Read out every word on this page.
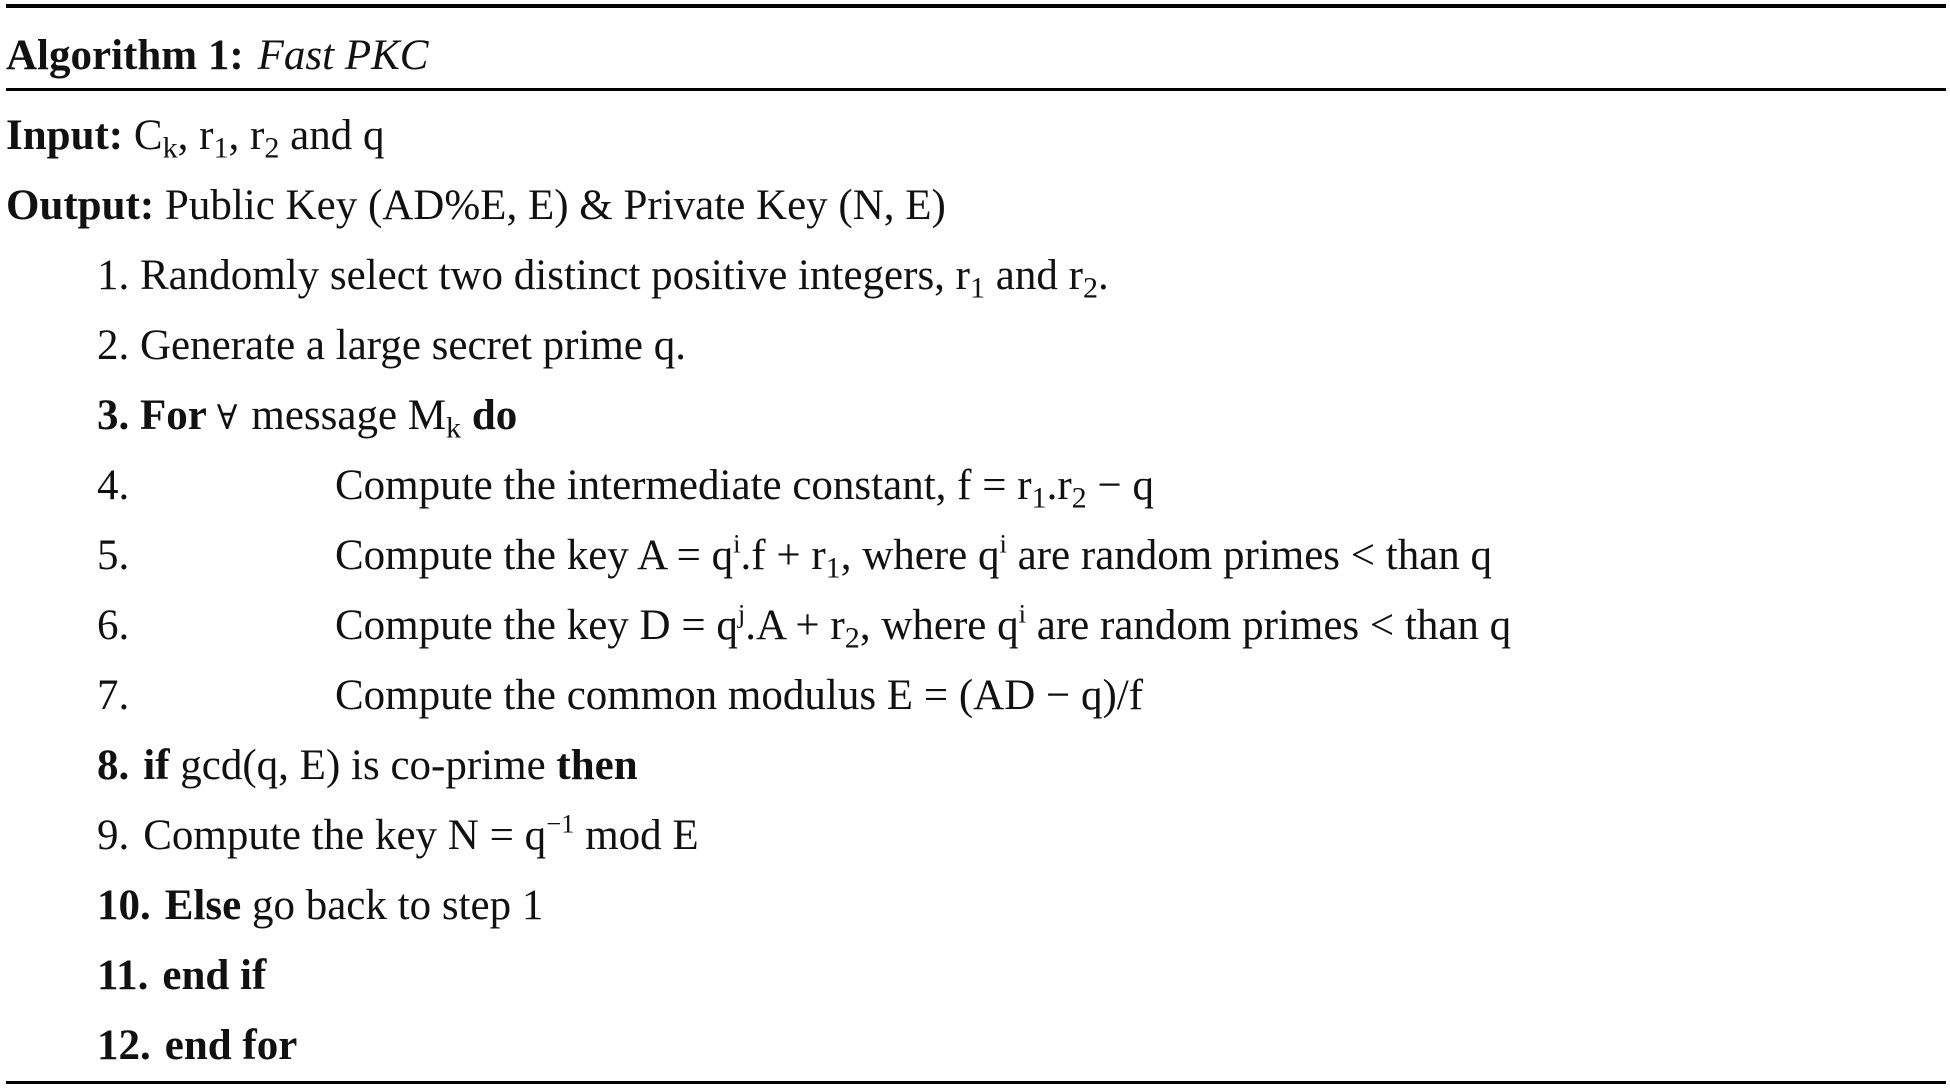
Algorithm 1: Fast PKC
Input: $C_k$, $r_1$, $r_2$ and q
Output: Public Key (AD%E, E) & Private Key (N, E)
1. Randomly select two distinct positive integers, $r_1$ and $r_2$.
2. Generate a large secret prime q.
3. For ∀ message $M_k$ do
4.	Compute the intermediate constant, $f = r_1.r_2 - q$
5.	Compute the key $A = q^i.f + r_1$, where $q^i$ are random primes < than q
6.	Compute the key $D = q^j.A + r_2$, where $q^i$ are random primes < than q
7.	Compute the common modulus E = (AD − q)/f
8. if gcd(q, E) is co-prime then
9. Compute the key $N = q^{-1}$ mod E
10. Else go back to step 1
11. end if
12. end for
